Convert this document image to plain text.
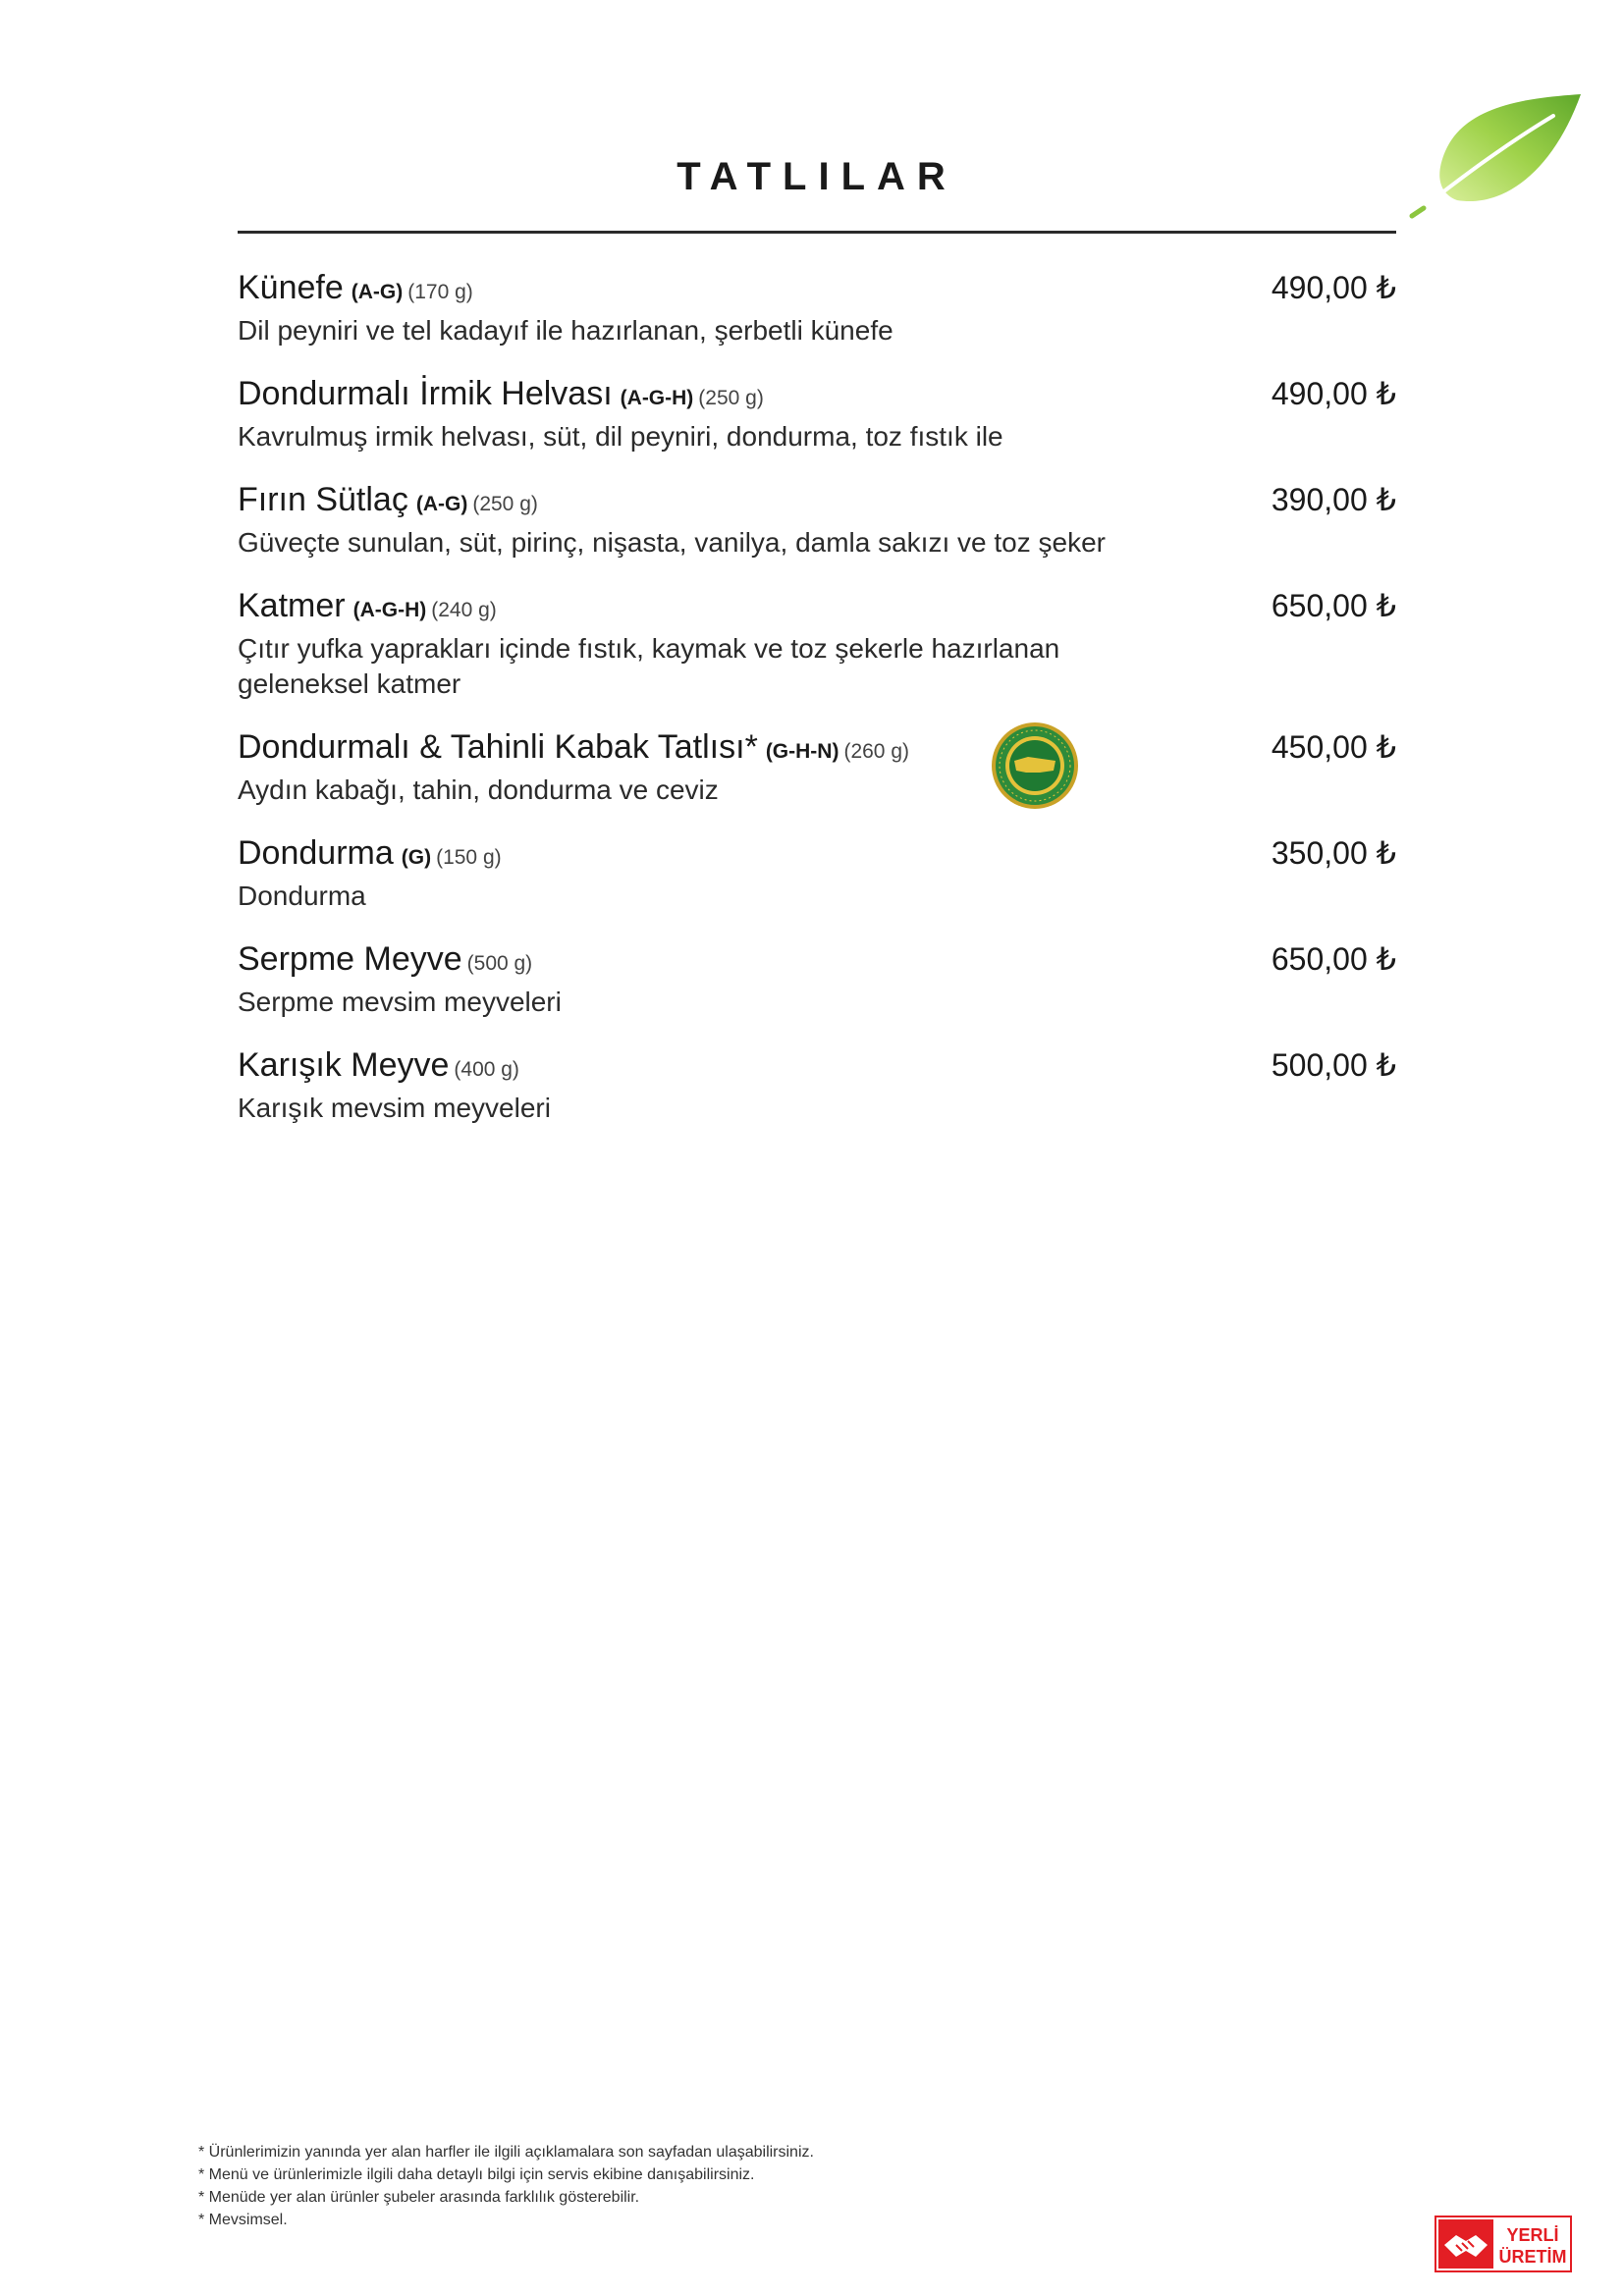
TATLILAR
Künefe (A-G) (170 g)
Dil peyniri ve tel kadayıf ile hazırlanan, şerbetli künefe
490,00 ₺
Dondurmalı İrmik Helvası (A-G-H) (250 g)
Kavrulmuş irmik helvası, süt, dil peyniri, dondurma, toz fıstık ile
490,00 ₺
Fırın Sütlaç (A-G) (250 g)
Güveçte sunulan, süt, pirinç, nişasta, vanilya, damla sakızı ve toz şeker
390,00 ₺
Katmer (A-G-H) (240 g)
Çıtır yufka yaprakları içinde fıstık, kaymak ve toz şekerle hazırlanan geleneksel katmer
650,00 ₺
Dondurmalı & Tahinli Kabak Tatlısı* (G-H-N) (260 g)
Aydın kabağı, tahin, dondurma ve ceviz
450,00 ₺
Dondurma (G) (150 g)
Dondurma
350,00 ₺
Serpme Meyve (500 g)
Serpme mevsim meyveleri
650,00 ₺
Karışık Meyve (400 g)
Karışık mevsim meyveleri
500,00 ₺
* Ürünlerimizin yanında yer alan harfler ile ilgili açıklamalara son sayfadan ulaşabilirsiniz.
* Menü ve ürünlerimizle ilgili daha detaylı bilgi için servis ekibine danışabilirsiniz.
* Menüde yer alan ürünler şubeler arasında farklılık gösterebilir.
* Mevsimsel.
YERLİ
ÜRETİM
